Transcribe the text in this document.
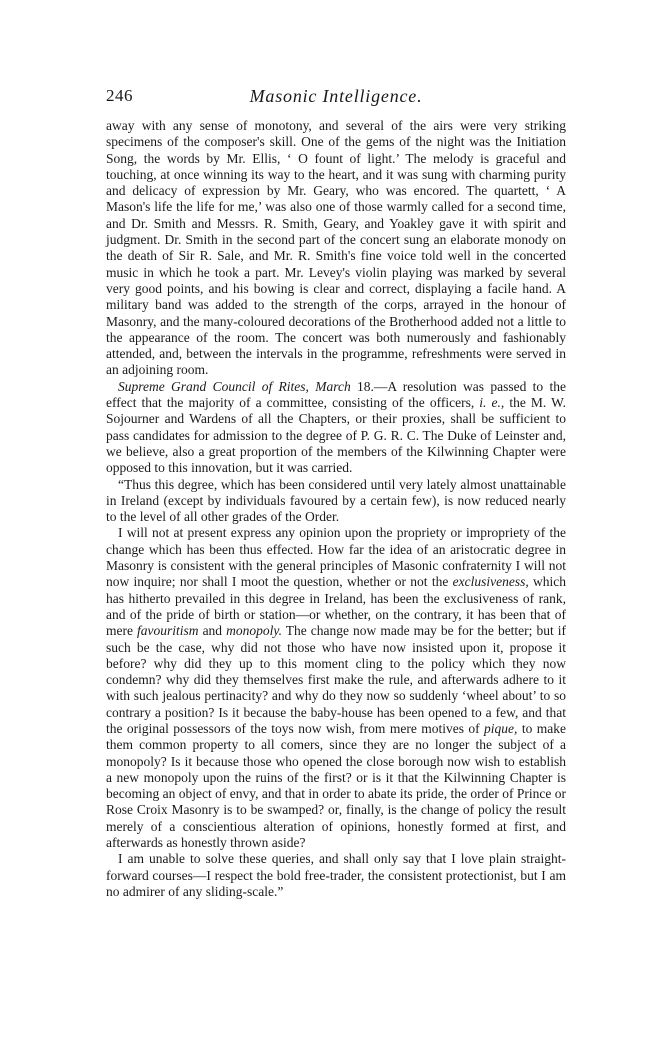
246	Masonic Intelligence.

away with any sense of monotony, and several of the airs were very striking specimens of the composer's skill. One of the gems of the night was the Initiation Song, the words by Mr. Ellis, ‘ O fount of light.’ The melody is graceful and touching, at once winning its way to the heart, and it was sung with charming purity and delicacy of expression by Mr. Geary, who was encored. The quartett, ‘ A Mason's life the life for me,’ was also one of those warmly called for a second time, and Dr. Smith and Messrs. R. Smith, Geary, and Yoakley gave it with spirit and judgment. Dr. Smith in the second part of the concert sung an elaborate monody on the death of Sir R. Sale, and Mr. R. Smith's fine voice told well in the concerted music in which he took a part. Mr. Levey's violin playing was marked by several very good points, and his bowing is clear and correct, displaying a facile hand. A military band was added to the strength of the corps, arrayed in the honour of Masonry, and the many-coloured decorations of the Brotherhood added not a little to the appearance of the room. The concert was both numerously and fashionably attended, and, between the intervals in the programme, refreshments were served in an adjoining room.

Supreme Grand Council of Rites, March 18.—A resolution was passed to the effect that the majority of a committee, consisting of the officers, i. e., the M. W. Sojourner and Wardens of all the Chapters, or their proxies, shall be sufficient to pass candidates for admission to the degree of P. G. R. C. The Duke of Leinster and, we believe, also a great proportion of the members of the Kilwinning Chapter were opposed to this innovation, but it was carried.

“Thus this degree, which has been considered until very lately almost unattainable in Ireland (except by individuals favoured by a certain few), is now reduced nearly to the level of all other grades of the Order.

I will not at present express any opinion upon the propriety or impropriety of the change which has been thus effected. How far the idea of an aristocratic degree in Masonry is consistent with the general principles of Masonic confraternity I will not now inquire; nor shall I moot the question, whether or not the exclusiveness, which has hitherto prevailed in this degree in Ireland, has been the exclusiveness of rank, and of the pride of birth or station—or whether, on the contrary, it has been that of mere favouritism and monopoly. The change now made may be for the better; but if such be the case, why did not those who have now insisted upon it, propose it before? why did they up to this moment cling to the policy which they now condemn? why did they themselves first make the rule, and afterwards adhere to it with such jealous pertinacity? and why do they now so suddenly ‘wheel about’ to so contrary a position? Is it because the baby-house has been opened to a few, and that the original possessors of the toys now wish, from mere motives of pique, to make them common property to all comers, since they are no longer the subject of a monopoly? Is it because those who opened the close borough now wish to establish a new monopoly upon the ruins of the first? or is it that the Kilwinning Chapter is becoming an object of envy, and that in order to abate its pride, the order of Prince or Rose Croix Masonry is to be swamped? or, finally, is the change of policy the result merely of a conscientious alteration of opinions, honestly formed at first, and afterwards as honestly thrown aside?

I am unable to solve these queries, and shall only say that I love plain straight-forward courses—I respect the bold free-trader, the consistent protectionist, but I am no admirer of any sliding-scale.”
